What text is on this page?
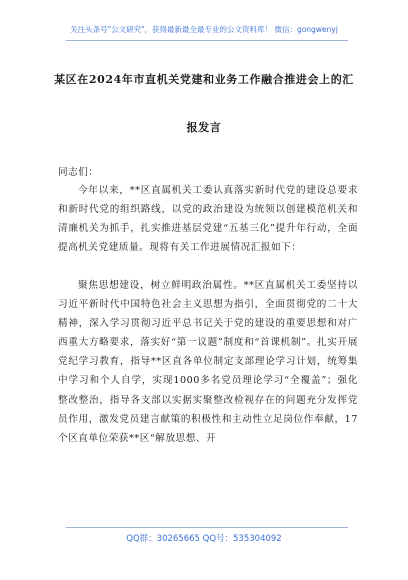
关注头条号"公文研究"，获得最新最全最专业的公文资料库！ 微信：gongwenyj
某区在2024年市直机关党建和业务工作融合推进会上的汇
报发言
同志们：
今年以来，**区直属机关工委认真落实新时代党的建设总要求和新时代党的组织路线，以党的政治建设为统领以创建模范机关和清廉机关为抓手，扎实推进基层党建“五基三化”提升年行动，全面提高机关党建质量。现将有关工作进展情况汇报如下：
聚焦思想建设，树立鲜明政治属性。**区直属机关工委坚持以习近平新时代中国特色社会主义思想为指引，全面贯彻党的二十大精神，深入学习贯彻习近平总书记关于党的建设的重要思想和对广西重大方略要求，落实好“第一议题”制度和“首课机制”。扎实开展党纪学习教育，指导**区直各单位制定支部理论学习计划，统筹集中学习和个人自学，实现1000多名党员理论学习“全覆盖”；强化整改整治，指导各支部以实据实聚整改检视存在的问题充分发挥党员作用，激发党员建言献策的积极性和主动性立足岗位作奉献，17个区直单位荣获**区“解放思想、开
QQ群：30265665 QQ号：535304092
